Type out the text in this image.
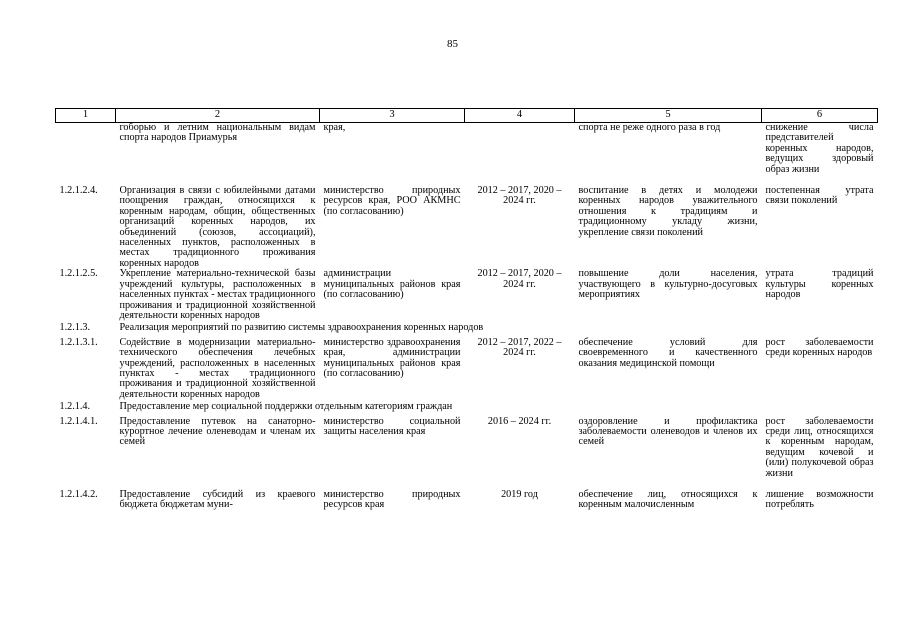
85
1	2	3	4	5	6
	гоборью и летним национальным видам спорта народов Приамурья	края,		спорта не реже одного раза в год	снижение числа представителей коренных народов, ведущих здоровый образ жизни
1.2.1.2.4.	Организация в связи с юбилейными датами поощрения граждан, относящихся к коренным народам, общин, общественных организаций коренных народов, их объединений (союзов, ассоциаций), населенных пунктов, расположенных в местах традиционного проживания коренных народов	министерство природных ресурсов края, РОО АКМНС (по согласованию)	2012 – 2017, 2020 – 2024 гг.	воспитание в детях и молодежи коренных народов уважительного отношения к традициям и традиционному укладу жизни, укрепление связи поколений	постепенная утрата связи поколений
1.2.1.2.5.	Укрепление материально-технической базы учреждений культуры, расположенных в населенных пунктах - местах традиционного проживания и традиционной хозяйственной деятельности коренных народов	администрации муниципальных районов края (по согласованию)	2012 – 2017, 2020 – 2024 гг.	повышение доли населения, участвующего в культурно-досуговых мероприятиях	утрата традиций культуры коренных народов
1.2.1.3.	Реализация мероприятий по развитию системы здравоохранения коренных народов				
1.2.1.3.1.	Содействие в модернизации материально-технического обеспечения лечебных учреждений, расположенных в населенных пунктах - местах традиционного проживания и традиционной хозяйственной деятельности коренных народов	министерство здравоохранения края, администрации муниципальных районов края (по согласованию)	2012 – 2017, 2022 – 2024 гг.	обеспечение условий для своевременного и качественного оказания медицинской помощи	рост заболеваемости среди коренных народов
1.2.1.4.	Предоставление мер социальной поддержки отдельным категориям граждан				
1.2.1.4.1.	Предоставление путевок на санаторно-курортное лечение оленеводам и членам их семей	министерство социальной защиты населения края	2016 – 2024 гг.	оздоровление и профилактика заболеваемости оленеводов и членов их семей	рост заболеваемости среди лиц, относящихся к коренным народам, ведущим кочевой и (или) полукочевой образ жизни
1.2.1.4.2.	Предоставление субсидий из краевого бюджета бюджетам муни-	министерство природных ресурсов края	2019 год	обеспечение лиц, относящихся к коренным малочисленным	лишение возможности потреблять
